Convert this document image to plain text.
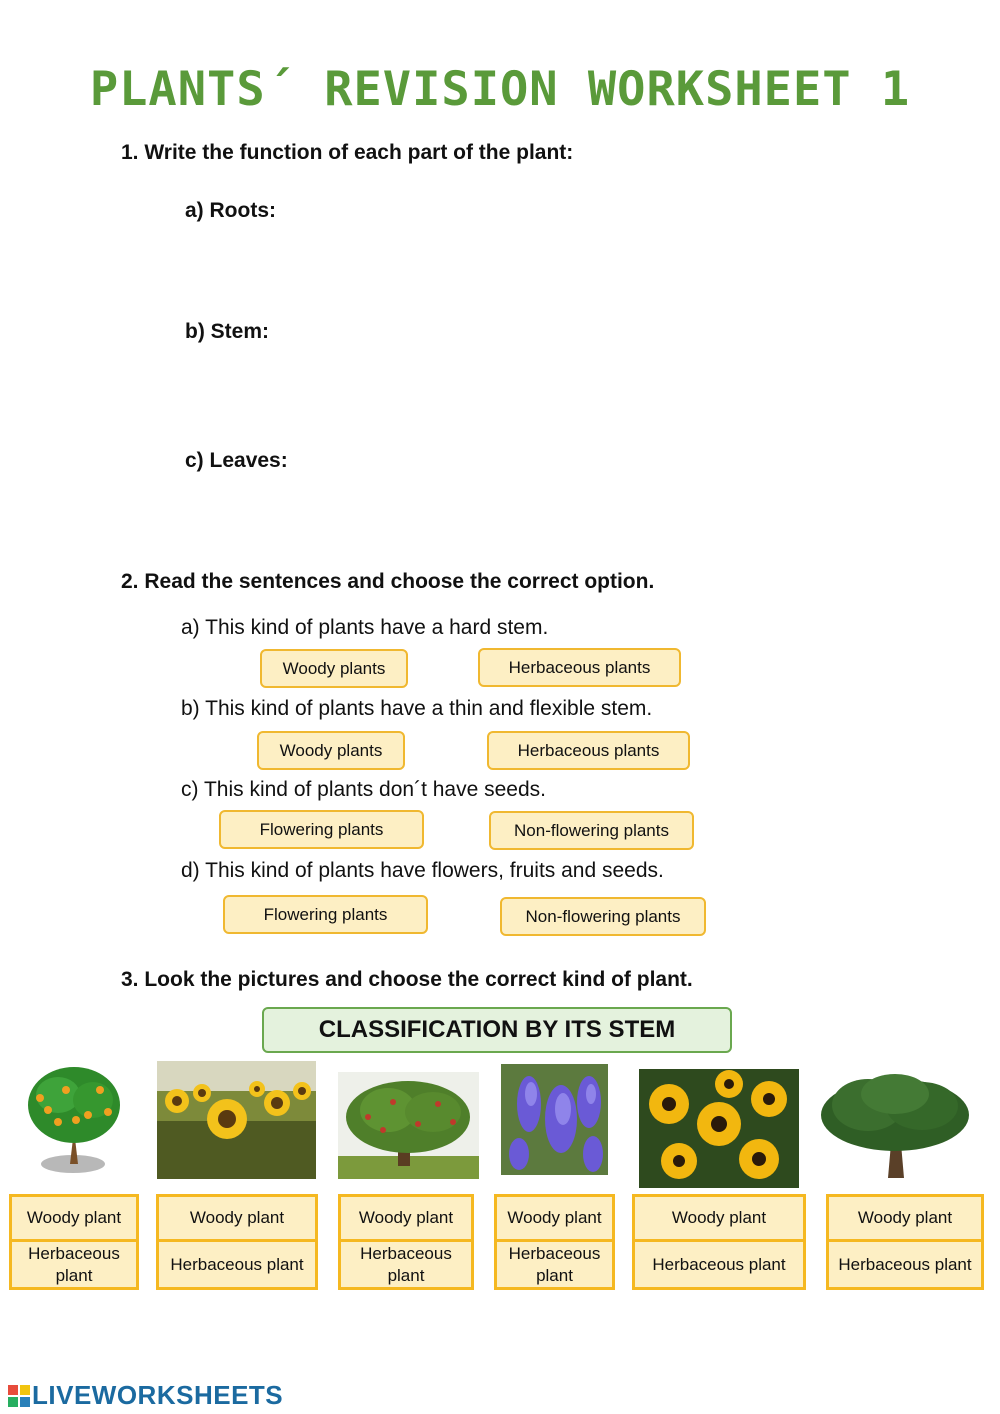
PLANTS´ REVISION WORKSHEET 1
1. Write the function of each part of the plant:
a) Roots:
b) Stem:
c) Leaves:
2. Read the sentences and choose the correct option.
a) This kind of plants have a hard stem.
Woody plants	Herbaceous plants
b) This kind of plants have a thin and flexible stem.
Woody plants	Herbaceous plants
c) This kind of plants don´t have seeds.
Flowering plants	Non-flowering plants
d) This kind of plants have flowers, fruits and seeds.
Flowering plants	Non-flowering plants
3. Look the pictures and choose the correct kind of plant.
CLASSIFICATION BY ITS STEM
Woody plant
Herbaceous plant
Woody plant
Herbaceous plant
Woody plant
Herbaceous plant
Woody plant
Herbaceous plant
Woody plant
Herbaceous plant
Woody plant
Herbaceous plant
LIVEWORKSHEETS
